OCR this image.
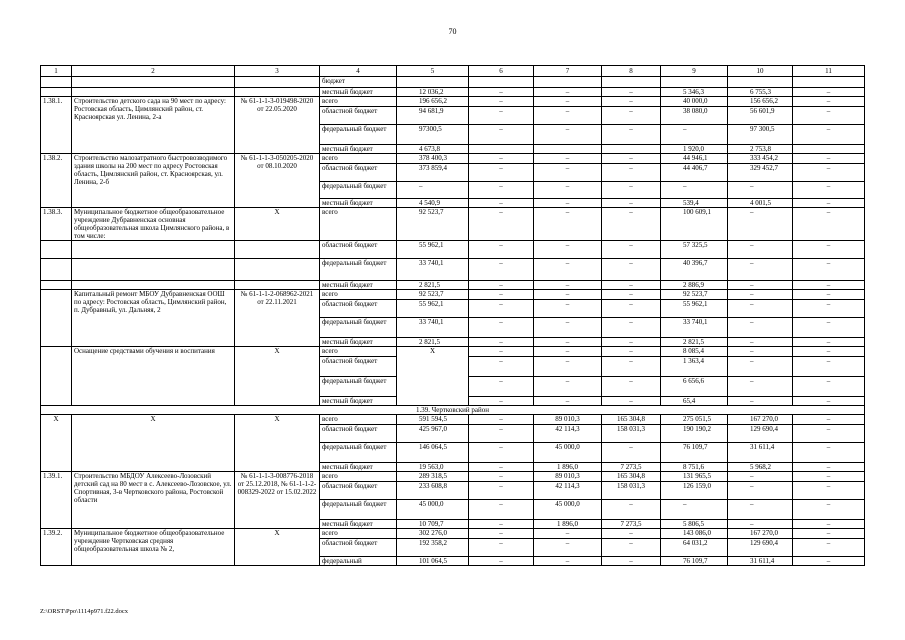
70
1	2	3	4	5	6	7	8	9	10	11
			бюджет							
			местный бюджет	12 036,2	–	–	–	5 346,3	6 755,3	–
1.38.1.	Строительство детского сада на 90 мест по адресу: Ростовская область, Цимлянский район, ст. Красноярская ул. Ленина, 2-а	№ 61-1-1-3-019498-2020 от 22.05.2020	всего	196 656,2	–	–	–	40 000,0	156 656,2	–
			областной бюджет	94 681,9	–	–	–	38 080,0	56 601,9	–
			федеральный бюджет	97300,5	–	–	–	–	97 300,5	–
			местный бюджет	4 673,8				1 920,0	2 753,8	
1.38.2.	Строительство малозатратного быстровозводимого здания школы на 200 мест по адресу Ростовская область, Цимлянский район, ст. Красноярская, ул. Ленина, 2-б	№ 61-1-1-3-050205-2020 от 08.10.2020	всего	378 400,3	–	–	–	44 946,1	333 454,2	–
			областной бюджет	373 859,4	–	–	–	44 406,7	329 452,7	–
			федеральный бюджет	–	–	–	–	–	–	–
			местный бюджет	4 540,9	–	–	–	539,4	4 001,5	–
1.38.3.	Муниципальное бюджетное общеобразовательное учреждение Дубравненская основная общеобразовательная школа Цимлянского района, в том числе:	X	всего	92 523,7	–	–	–	100 609,1	–	–
			областной бюджет	55 962,1	–	–	–	57 325,5	–	–
			федеральный бюджет	33 740,1	–	–	–	40 396,7	–	–
			местный бюджет	2 821,5	–	–	–	2 886,9	–	–
	Капитальный ремонт МБОУ Дубравненская ООШ по адресу: Ростовская область, Цимлянский район, п. Дубравный, ул. Дальняя, 2	№ 61-1-1-2-068962-2021 от 22.11.2021	всего	92 523,7	–	–	–	92 523,7	–	–
			областной бюджет	55 962,1	–	–	–	55 962,1	–	–
			федеральный бюджет	33 740,1	–	–	–	33 740,1	–	–
			местный бюджет	2 821,5	–	–	–	2 821,5	–	–
	Оснащение средствами обучения и воспитания	X	всего	X	–	–	–	8 085,4	–	–
			областной бюджет		–	–	–	1 363,4	–	–
			федеральный бюджет		–	–	–	6 656,6	–	–
			местный бюджет		–	–	–	65,4	–	–
1.39. Чертковский район										
X	X	X	всего	591 594,5	–	89 010,3	165 304,8	275 051,5	167 270,0	–
			областной бюджет	425 967,0	–	42 114,3	158 031,3	190 190,2	129 690,4	–
			федеральный бюджет	146 064,5	–	45 000,0	–	76 109,7	31 611,4	–
			местный бюджет	19 563,0	–	1 896,0	7 273,5	8 751,6	5 968,2	–
1.39.1.	Строительство МБДОУ Алексеево-Лозовский детский сад на 80 мест в с. Алексеево-Лозовское, ул. Спортивная, 3-в Чертковского района, Ростовской области	№ 61-1-1-3-008776-2018 от 25.12.2018, № 61-1-1-2-008329-2022 от 15.02.2022	всего	289 318,5	–	89 010,3	165 304,8	131 965,5	–	–
			областной бюджет	233 608,8	–	42 114,3	158 031,3	126 159,0	–	–
			федеральный бюджет	45 000,0	–	45 000,0	–	–	–	–
			местный бюджет	10 709,7	–	1 896,0	7 273,5	5 806,5	–	–
1.39.2.	Муниципальное бюджетное общеобразовательное учреждение Чертковская средняя общеобразовательная школа № 2,	X	всего	302 276,0	–	–	–	143 086,0	167 270,0	–
			областной бюджет	192 358,2	–	–	–	64 031,2	129 690,4	–
			федеральный	101 064,5	–	–	–	76 109,7	31 611,4	–
Z:\ORST\Ppo\1114p971.f22.docx
